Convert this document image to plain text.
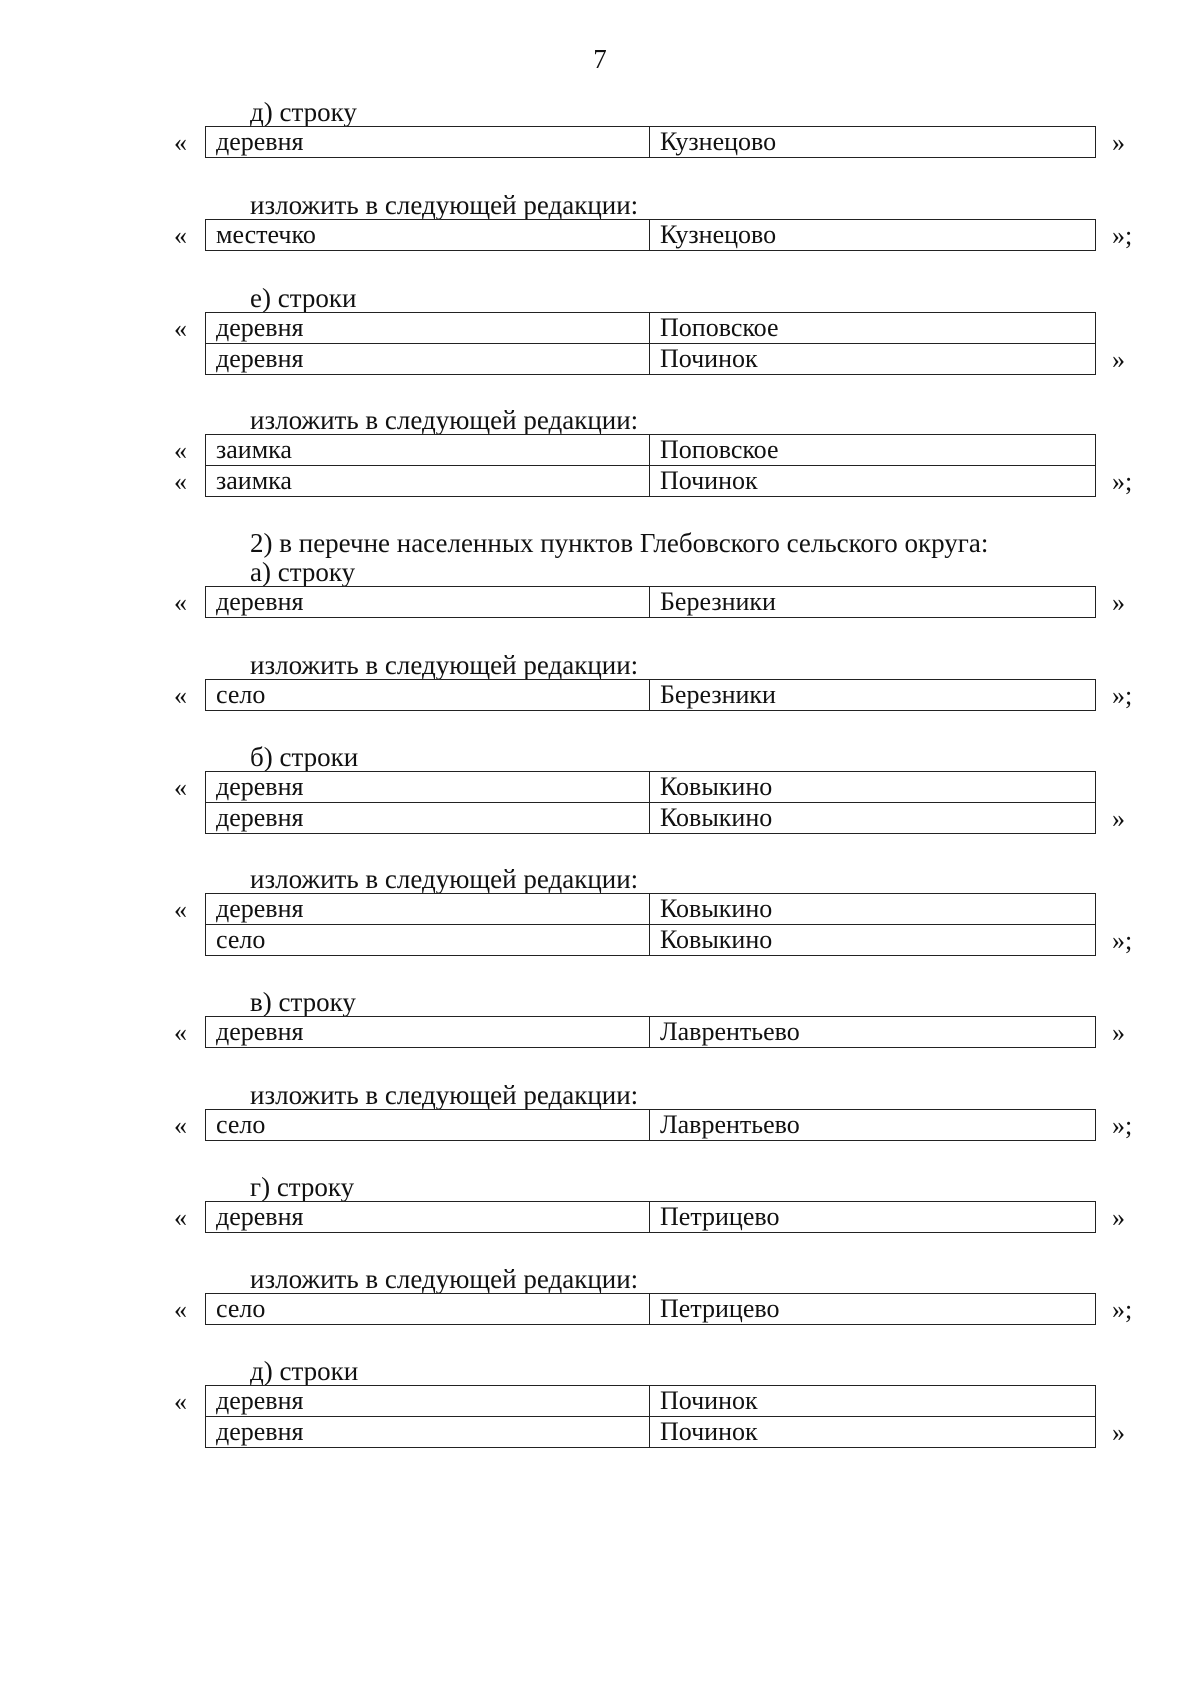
7
д) строку
деревня	Кузнецово
«	»
изложить в следующей редакции:
местечко	Кузнецово
«	»;
е) строки
деревня	Поповское
деревня	Починок
«
»
изложить в следующей редакции:
заимка	Поповское
заимка	Починок
«
«	»;
2) в перечне населенных пунктов Глебовского сельского округа:
а) строку
деревня	Березники
«	»
изложить в следующей редакции:
село	Березники
«	»;
б) строки
деревня	Ковыкино
деревня	Ковыкино
«
»
изложить в следующей редакции:
деревня	Ковыкино
село	Ковыкино
«
»;
в) строку
деревня	Лаврентьево
«	»
изложить в следующей редакции:
село	Лаврентьево
«	»;
г) строку
деревня	Петрицево
«	»
изложить в следующей редакции:
село	Петрицево
«	»;
д) строки
деревня	Починок
деревня	Починок
«
»
